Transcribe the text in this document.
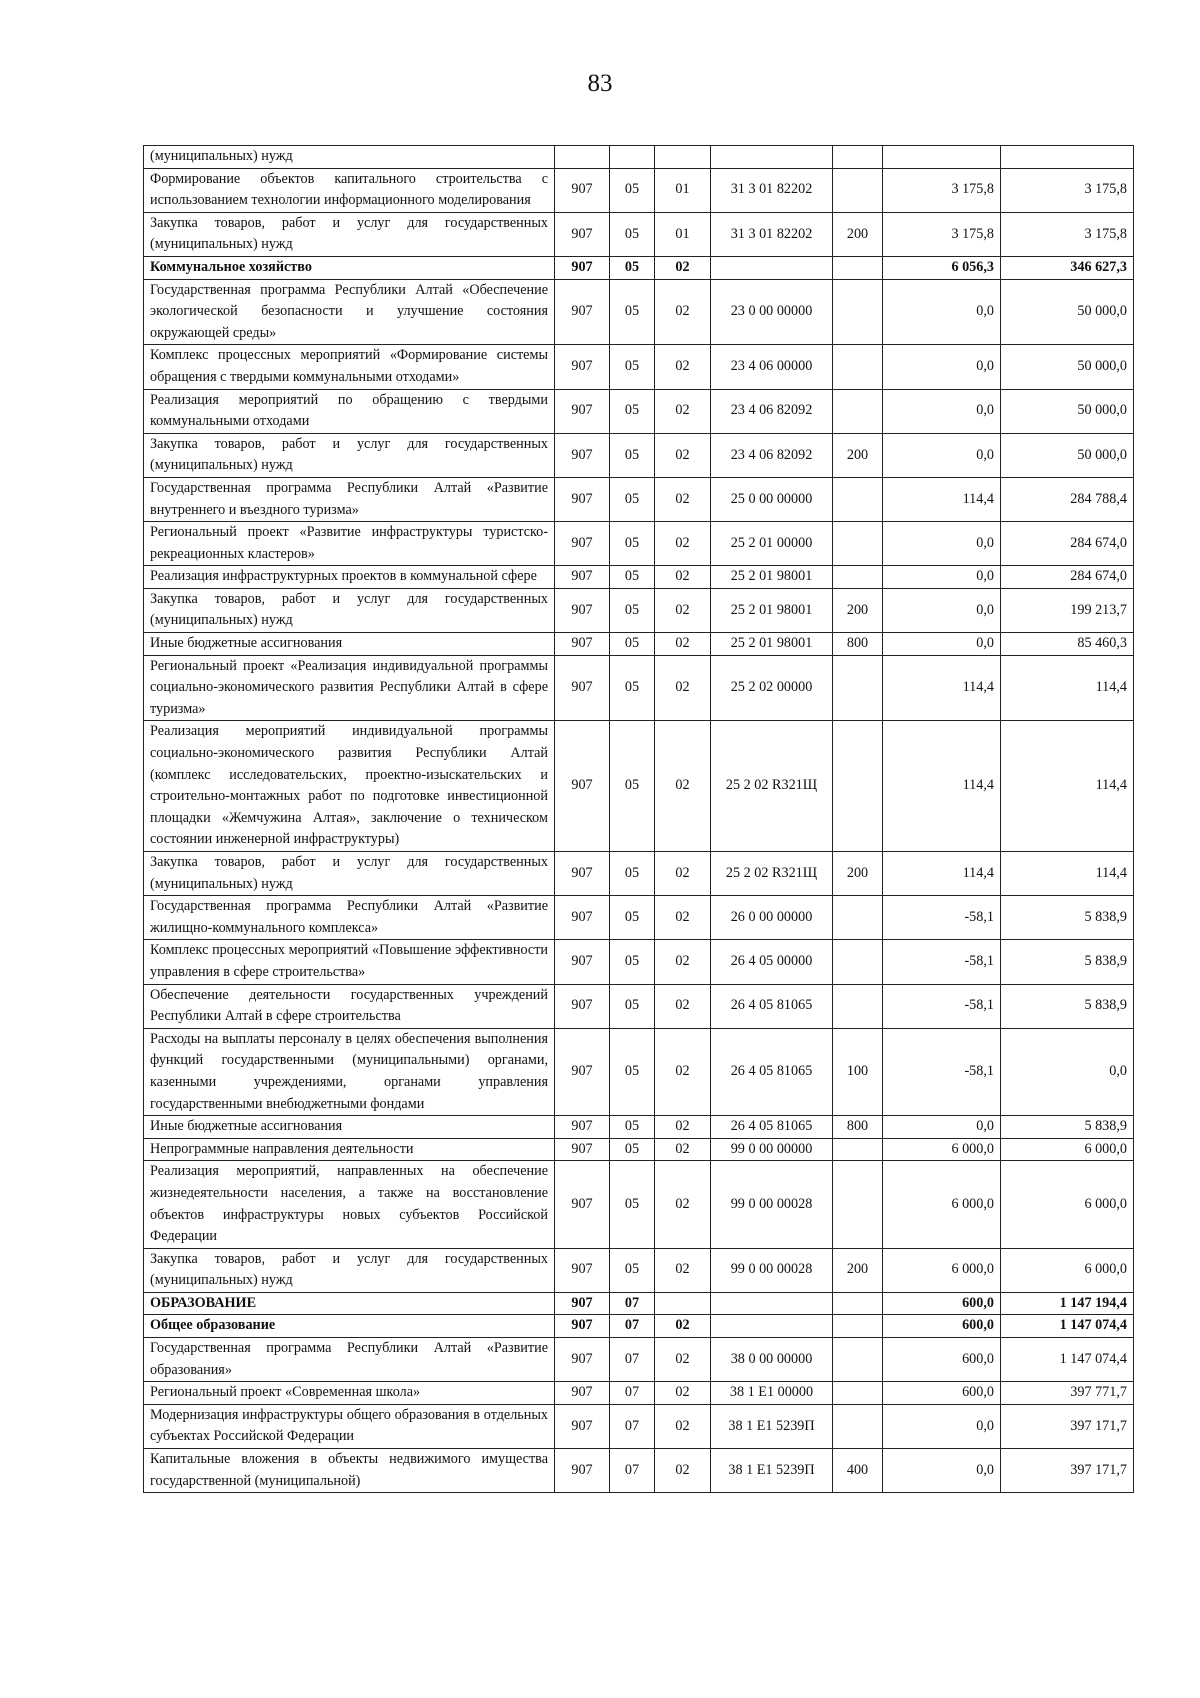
83
(муниципальных) нужд							
Формирование объектов капитального строительства с использованием технологии информационного моделирования	907	05	01	31 3 01 82202		3 175,8	3 175,8
Закупка товаров, работ и услуг для государственных (муниципальных) нужд	907	05	01	31 3 01 82202	200	3 175,8	3 175,8
Коммунальное хозяйство	907	05	02			6 056,3	346 627,3
Государственная программа Республики Алтай «Обеспечение экологической безопасности и улучшение состояния окружающей среды»	907	05	02	23 0 00 00000		0,0	50 000,0
Комплекс процессных мероприятий «Формирование системы обращения с твердыми коммунальными отходами»	907	05	02	23 4 06 00000		0,0	50 000,0
Реализация мероприятий по обращению с твердыми коммунальными отходами	907	05	02	23 4 06 82092		0,0	50 000,0
Закупка товаров, работ и услуг для государственных (муниципальных) нужд	907	05	02	23 4 06 82092	200	0,0	50 000,0
Государственная программа Республики Алтай «Развитие внутреннего и въездного туризма»	907	05	02	25 0 00 00000		114,4	284 788,4
Региональный проект «Развитие инфраструктуры туристско-рекреационных кластеров»	907	05	02	25 2 01 00000		0,0	284 674,0
Реализация инфраструктурных проектов в коммунальной сфере	907	05	02	25 2 01 98001		0,0	284 674,0
Закупка товаров, работ и услуг для государственных (муниципальных) нужд	907	05	02	25 2 01 98001	200	0,0	199 213,7
Иные бюджетные ассигнования	907	05	02	25 2 01 98001	800	0,0	85 460,3
Региональный проект «Реализация индивидуальной программы социально-экономического развития Республики Алтай в сфере туризма»	907	05	02	25 2 02 00000		114,4	114,4
Реализация мероприятий индивидуальной программы социально-экономического развития Республики Алтай (комплекс исследовательских, проектно-изыскательских и строительно-монтажных работ по подготовке инвестиционной площадки «Жемчужина Алтая», заключение о техническом состоянии инженерной инфраструктуры)	907	05	02	25 2 02 R321Щ		114,4	114,4
Закупка товаров, работ и услуг для государственных (муниципальных) нужд	907	05	02	25 2 02 R321Щ	200	114,4	114,4
Государственная программа Республики Алтай «Развитие жилищно-коммунального комплекса»	907	05	02	26 0 00 00000		-58,1	5 838,9
Комплекс процессных мероприятий «Повышение эффективности управления в сфере строительства»	907	05	02	26 4 05 00000		-58,1	5 838,9
Обеспечение деятельности государственных учреждений Республики Алтай в сфере строительства	907	05	02	26 4 05 81065		-58,1	5 838,9
Расходы на выплаты персоналу в целях обеспечения выполнения функций государственными (муниципальными) органами, казенными учреждениями, органами управления государственными внебюджетными фондами	907	05	02	26 4 05 81065	100	-58,1	0,0
Иные бюджетные ассигнования	907	05	02	26 4 05 81065	800	0,0	5 838,9
Непрограммные направления деятельности	907	05	02	99 0 00 00000		6 000,0	6 000,0
Реализация мероприятий, направленных на обеспечение жизнедеятельности населения, а также на восстановление объектов инфраструктуры новых субъектов Российской Федерации	907	05	02	99 0 00 00028		6 000,0	6 000,0
Закупка товаров, работ и услуг для государственных (муниципальных) нужд	907	05	02	99 0 00 00028	200	6 000,0	6 000,0
ОБРАЗОВАНИЕ	907	07				600,0	1 147 194,4
Общее образование	907	07	02			600,0	1 147 074,4
Государственная программа Республики Алтай «Развитие образования»	907	07	02	38 0 00 00000		600,0	1 147 074,4
Региональный проект «Современная школа»	907	07	02	38 1 E1 00000		600,0	397 771,7
Модернизация инфраструктуры общего образования в отдельных субъектах Российской Федерации	907	07	02	38 1 E1 5239П		0,0	397 171,7
Капитальные вложения в объекты недвижимого имущества государственной (муниципальной)	907	07	02	38 1 E1 5239П	400	0,0	397 171,7
